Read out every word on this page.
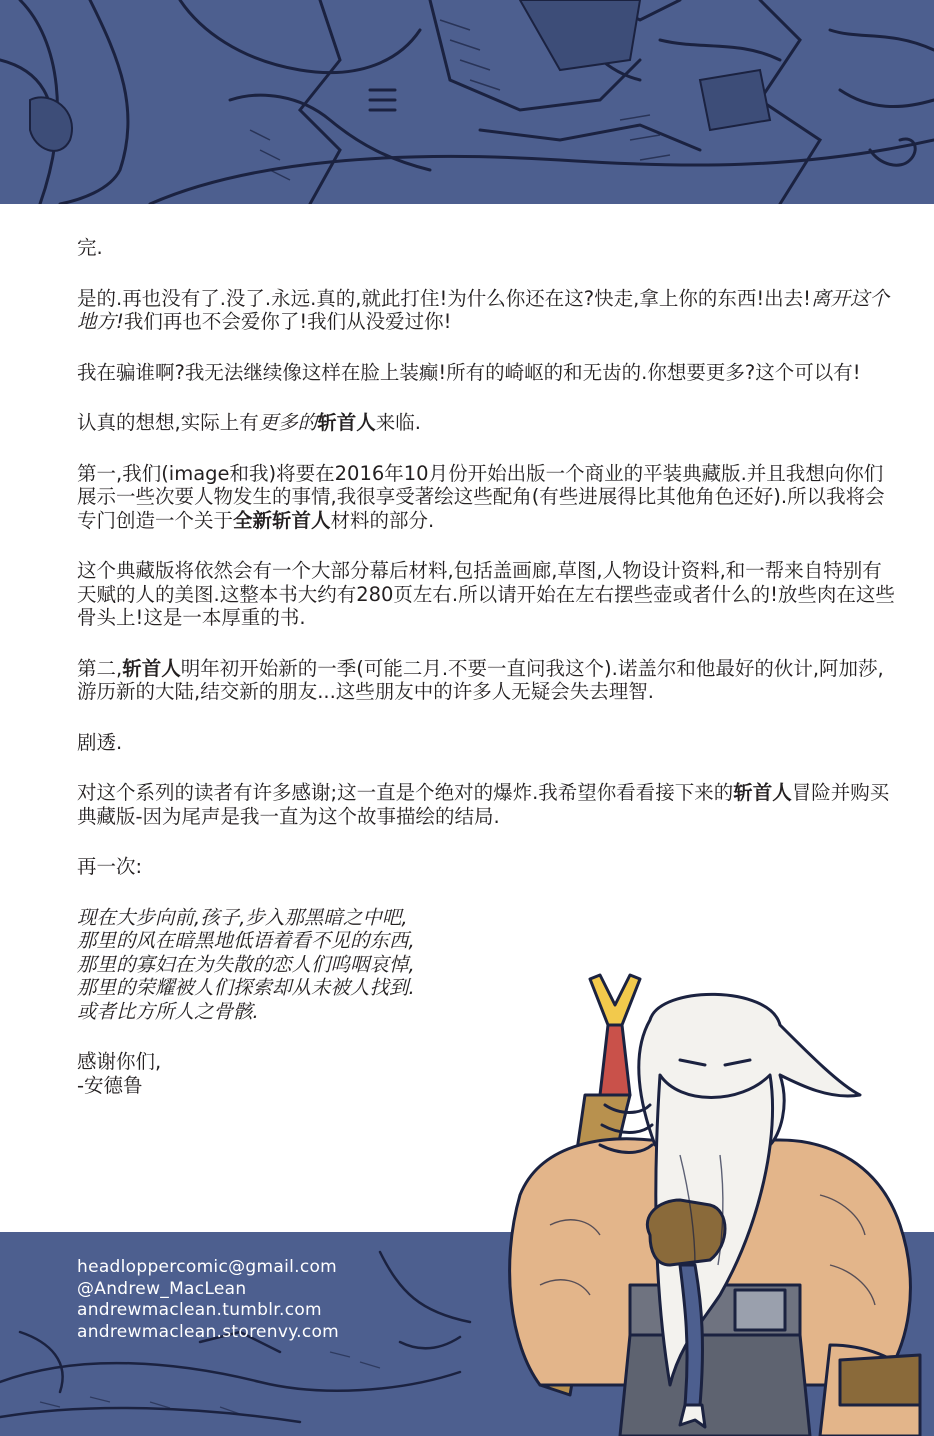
完.

是的.再也没有了.没了.永远.真的,就此打住!为什么你还在这?快走,拿上你的东西!出去!离开这个地方!我们再也不会爱你了!我们从没爱过你!

我在骗谁啊?我无法继续像这样在脸上装癫!所有的崎岖的和无齿的.你想要更多?这个可以有!

认真的想想,实际上有更多的斩首人来临.

第一,我们(image和我)将要在2016年10月份开始出版一个商业的平装典藏版.并且我想向你们展示一些次要人物发生的事情,我很享受著绘这些配角(有些进展得比其他角色还好).所以我将会专门创造一个关于全新斩首人材料的部分.

这个典藏版将依然会有一个大部分幕后材料,包括盖画廊,草图,人物设计资料,和一帮来自特别有天赋的人的美图.这整本书大约有280页左右.所以请开始在左右摆些壶或者什么的!放些肉在这些骨头上!这是一本厚重的书.

第二,斩首人明年初开始新的一季(可能二月.不要一直问我这个).诺盖尔和他最好的伙计,阿加莎,游历新的大陆,结交新的朋友...这些朋友中的许多人无疑会失去理智.

剧透.

对这个系列的读者有许多感谢;这一直是个绝对的爆炸.我希望你看看接下来的斩首人冒险并购买典藏版-因为尾声是我一直为这个故事描绘的结局.

再一次:

现在大步向前,孩子,步入那黑暗之中吧,
那里的风在暗黑地低语着看不见的东西,
那里的寡妇在为失散的恋人们呜咽哀悼,
那里的荣耀被人们探索却从未被人找到.
或者比方所人之骨骸.

感谢你们,
-安德鲁

headloppercomic@gmail.com
@Andrew_MacLean
andrewmaclean.tumblr.com
andrewmaclean.storenvy.com
